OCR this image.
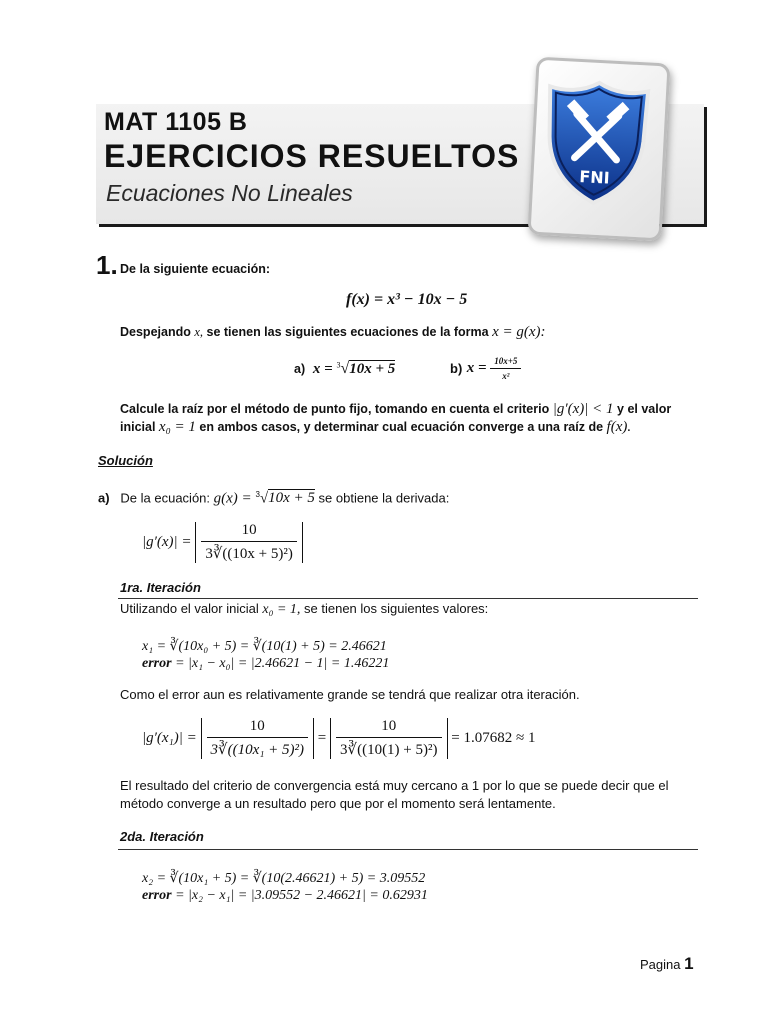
MAT 1105 B
EJERCICIOS RESUELTOS
Ecuaciones No Lineales
FNI
1. De la siguiente ecuación:
f(x) = x³ − 10x − 5
Despejando x, se tienen las siguientes ecuaciones de la forma x = g(x):
a) x = $^3$√10x + 5	b) $x = \frac{10x+5}{\text{x²}}$
Calcule la raíz por el método de punto fijo, tomando en cuenta el criterio |g′(x)| < 1 y el valor
inicial x₀ = 1 en ambos casos, y determinar cual ecuación converge a una raíz de f(x).
Solución
a) De la ecuación: g(x) = $^3$√10x + 5 se obtiene la derivada:
$|g'(x)| = \frac{10}{\text{3∛((10x + 5)²)}}$
1ra. Iteración
Utilizando el valor inicial x₀ = 1, se tienen los siguientes valores:
x₁ = ∛(10x₀ + 5) = ∛(10(1) + 5) = 2.46621
error = |x₁ − x₀| = |2.46621 − 1| = 1.46221
Como el error aun es relativamente grande se tendrá que realizar otra iteración.
$|g'(x_1)| = \frac{10}{\text{3∛((10x₁ + 5)²)}} = \frac{10}{\text{3∛((10(1) + 5)²)}} = 1.07682 \approx 1$
El resultado del criterio de convergencia está muy cercano a 1 por lo que se puede decir que el
método converge a un resultado pero que por el momento será lentamente.
2da. Iteración
x₂ = ∛(10x₁ + 5) = ∛(10(2.46621) + 5) = 3.09552
error = |x₂ − x₁| = |3.09552 − 2.46621| = 0.62931
Pagina 1
